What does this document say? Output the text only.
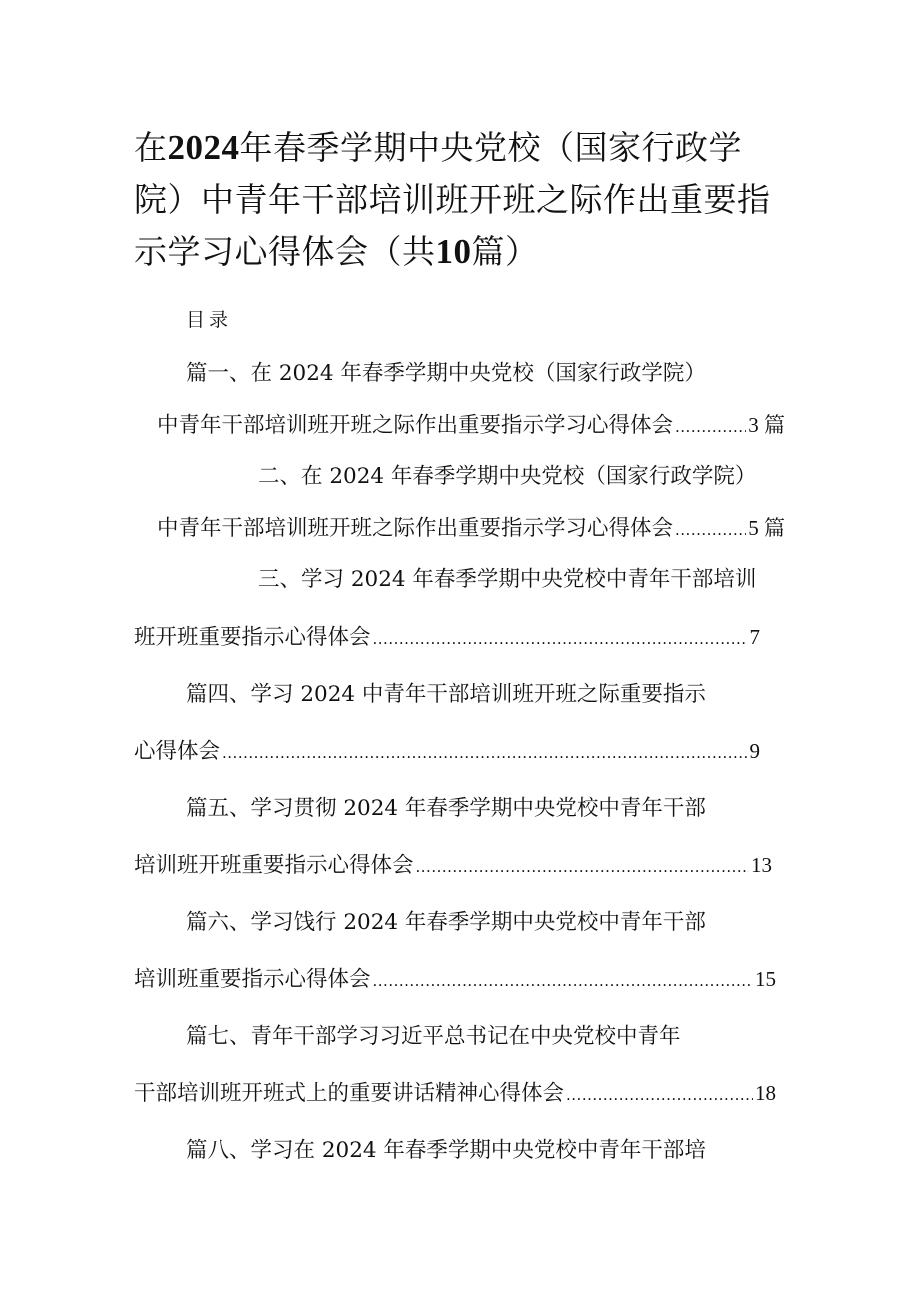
在2024年春季学期中央党校（国家行政学
院）中青年干部培训班开班之际作出重要指
示学习心得体会（共10篇）
目录
篇一、在 2024 年春季学期中央党校（国家行政学院）
中青年干部培训班开班之际作出重要指示学习心得体会 .....	3 篇
二、在 2024 年春季学期中央党校（国家行政学院）
中青年干部培训班开班之际作出重要指示学习心得体会 .....	5 篇
三、学习 2024 年春季学期中央党校中青年干部培训
班开班重要指示心得体会 .....	7
篇四、学习 2024 中青年干部培训班开班之际重要指示
心得体会 .....	9
篇五、学习贯彻 2024 年春季学期中央党校中青年干部
培训班开班重要指示心得体会 .....	13
篇六、学习饯行 2024 年春季学期中央党校中青年干部
培训班重要指示心得体会 .....	15
篇七、青年干部学习习近平总书记在中央党校中青年
干部培训班开班式上的重要讲话精神心得体会 .....	18
篇八、学习在 2024 年春季学期中央党校中青年干部培
